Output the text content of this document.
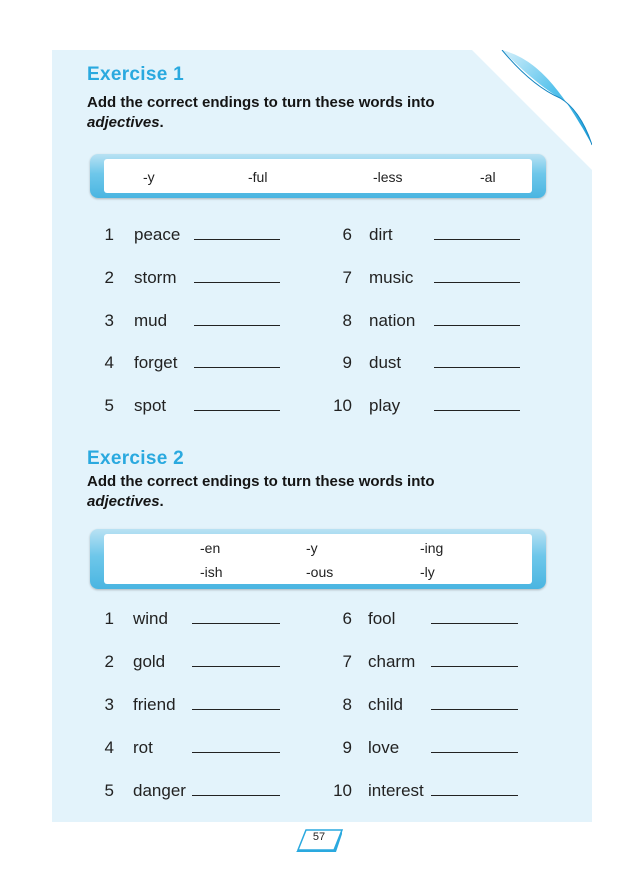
Exercise 1
Add the correct endings to turn these words into adjectives.
-y	-ful	-less	-al
1 peace
2 storm
3 mud
4 forget
5 spot
6 dirt
7 music
8 nation
9 dust
10 play
Exercise 2
Add the correct endings to turn these words into adjectives.
-en	-y	-ing
-ish	-ous	-ly
1 wind
2 gold
3 friend
4 rot
5 danger
6 fool
7 charm
8 child
9 love
10 interest
57
